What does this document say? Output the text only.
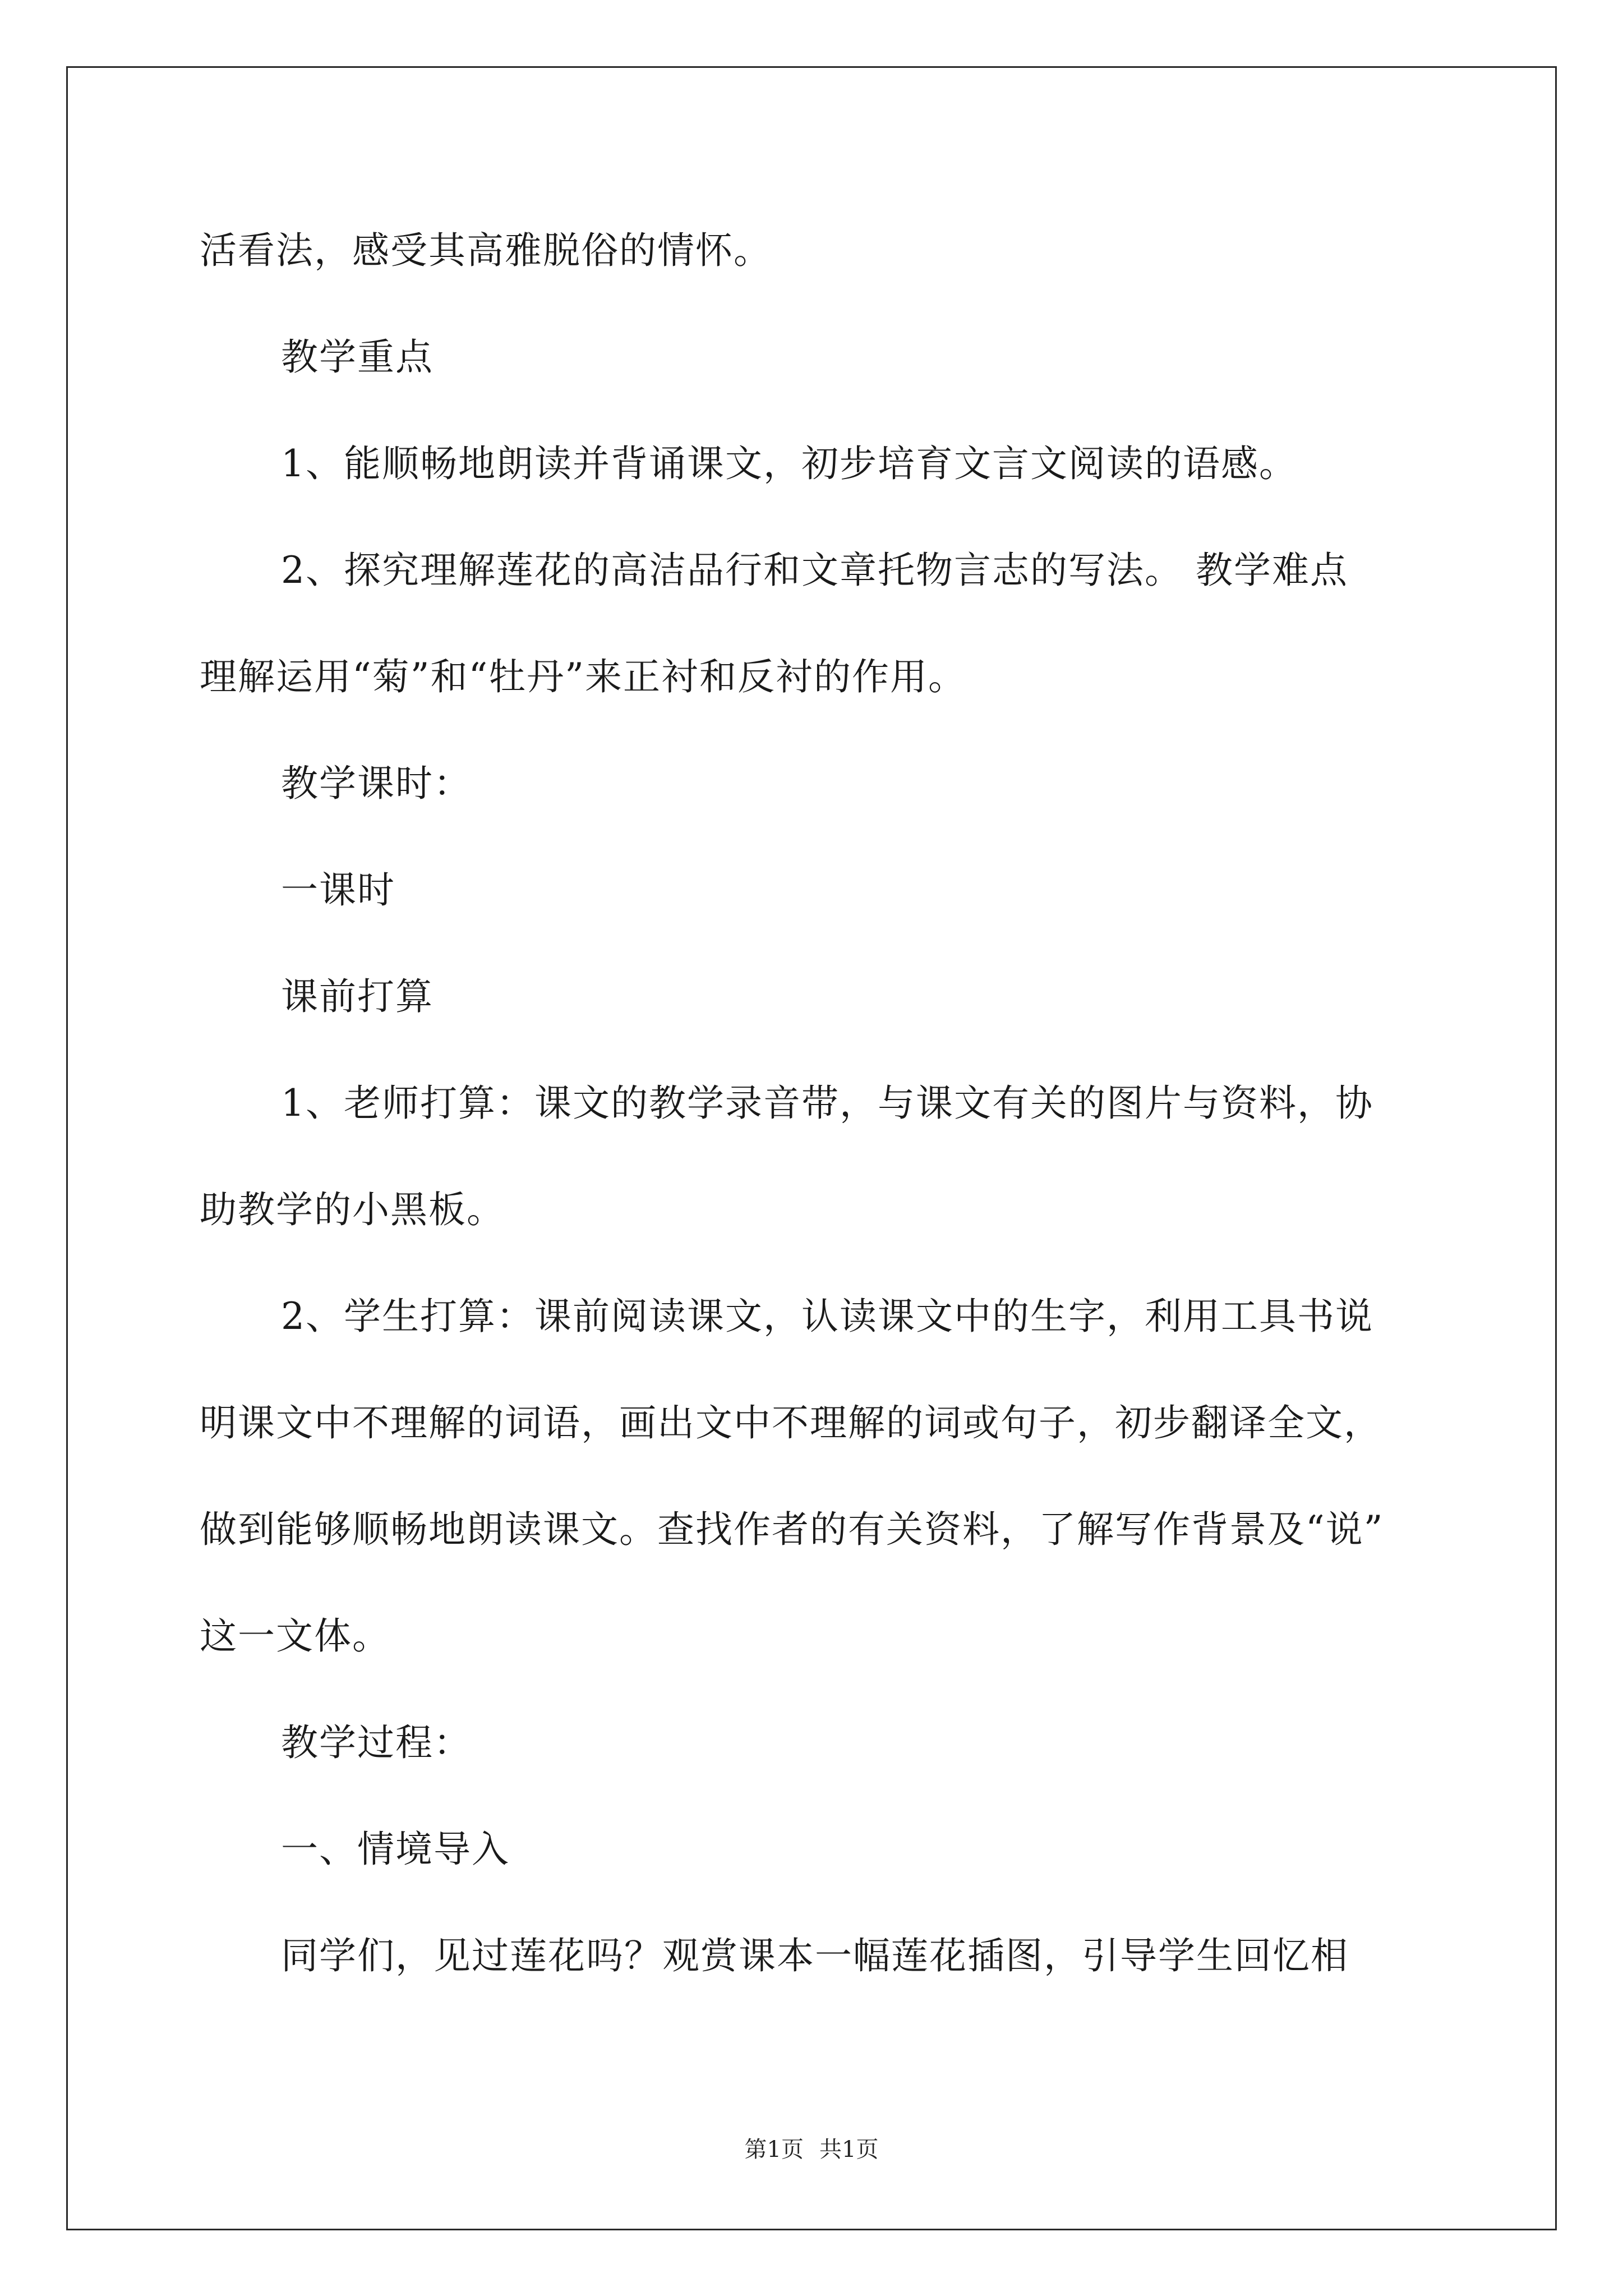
活看法，感受其高雅脱俗的情怀。
教学重点
1、能顺畅地朗读并背诵课文，初步培育文言文阅读的语感。
2、探究理解莲花的高洁品行和文章托物言志的写法。 教学难点
理解运用“菊”和“牡丹”来正衬和反衬的作用。
教学课时：
一课时
课前打算
1、老师打算：课文的教学录音带，与课文有关的图片与资料，协
助教学的小黑板。
2、学生打算：课前阅读课文，认读课文中的生字，利用工具书说
明课文中不理解的词语，画出文中不理解的词或句子，初步翻译全文，
做到能够顺畅地朗读课文。查找作者的有关资料，了解写作背景及“说”
这一文体。
教学过程：
一、情境导入
同学们，见过莲花吗？观赏课本一幅莲花插图，引导学生回忆相
第1页 共1页
